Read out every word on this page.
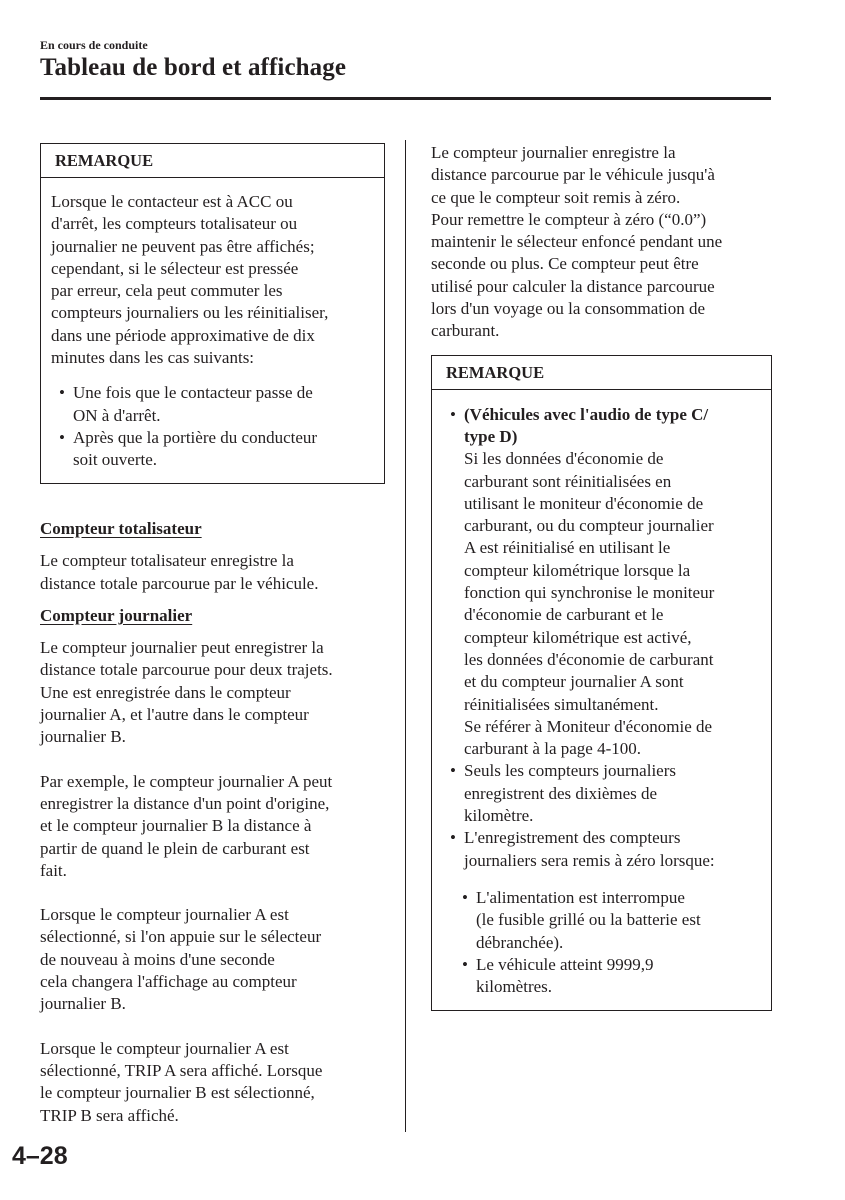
En cours de conduite
Tableau de bord et affichage
REMARQUE
Lorsque le contacteur est à ACC ou
d'arrêt, les compteurs totalisateur ou
journalier ne peuvent pas être affichés;
cependant, si le sélecteur est pressée
par erreur, cela peut commuter les
compteurs journaliers ou les réinitialiser,
dans une période approximative de dix
minutes dans les cas suivants:
• Une fois que le contacteur passe de
ON à d'arrêt.
• Après que la portière du conducteur
soit ouverte.
Compteur totalisateur
Le compteur totalisateur enregistre la
distance totale parcourue par le véhicule.
Compteur journalier
Le compteur journalier peut enregistrer la
distance totale parcourue pour deux trajets.
Une est enregistrée dans le compteur
journalier A, et l'autre dans le compteur
journalier B.
Par exemple, le compteur journalier A peut
enregistrer la distance d'un point d'origine,
et le compteur journalier B la distance à
partir de quand le plein de carburant est
fait.
Lorsque le compteur journalier A est
sélectionné, si l'on appuie sur le sélecteur
de nouveau à moins d'une seconde
cela changera l'affichage au compteur
journalier B.
Lorsque le compteur journalier A est
sélectionné, TRIP A sera affiché. Lorsque
le compteur journalier B est sélectionné,
TRIP B sera affiché.
Le compteur journalier enregistre la
distance parcourue par le véhicule jusqu'à
ce que le compteur soit remis à zéro.
Pour remettre le compteur à zéro (“0.0”)
maintenir le sélecteur enfoncé pendant une
seconde ou plus. Ce compteur peut être
utilisé pour calculer la distance parcourue
lors d'un voyage ou la consommation de
carburant.
REMARQUE
• (Véhicules avec l'audio de type C/
type D)
Si les données d'économie de
carburant sont réinitialisées en
utilisant le moniteur d'économie de
carburant, ou du compteur journalier
A est réinitialisé en utilisant le
compteur kilométrique lorsque la
fonction qui synchronise le moniteur
d'économie de carburant et le
compteur kilométrique est activé,
les données d'économie de carburant
et du compteur journalier A sont
réinitialisées simultanément.
Se référer à Moniteur d'économie de
carburant à la page 4-100.
• Seuls les compteurs journaliers
enregistrent des dixièmes de
kilomètre.
• L'enregistrement des compteurs
journaliers sera remis à zéro lorsque:
• L'alimentation est interrompue
(le fusible grillé ou la batterie est
débranchée).
• Le véhicule atteint 9999,9
kilomètres.
4–28
